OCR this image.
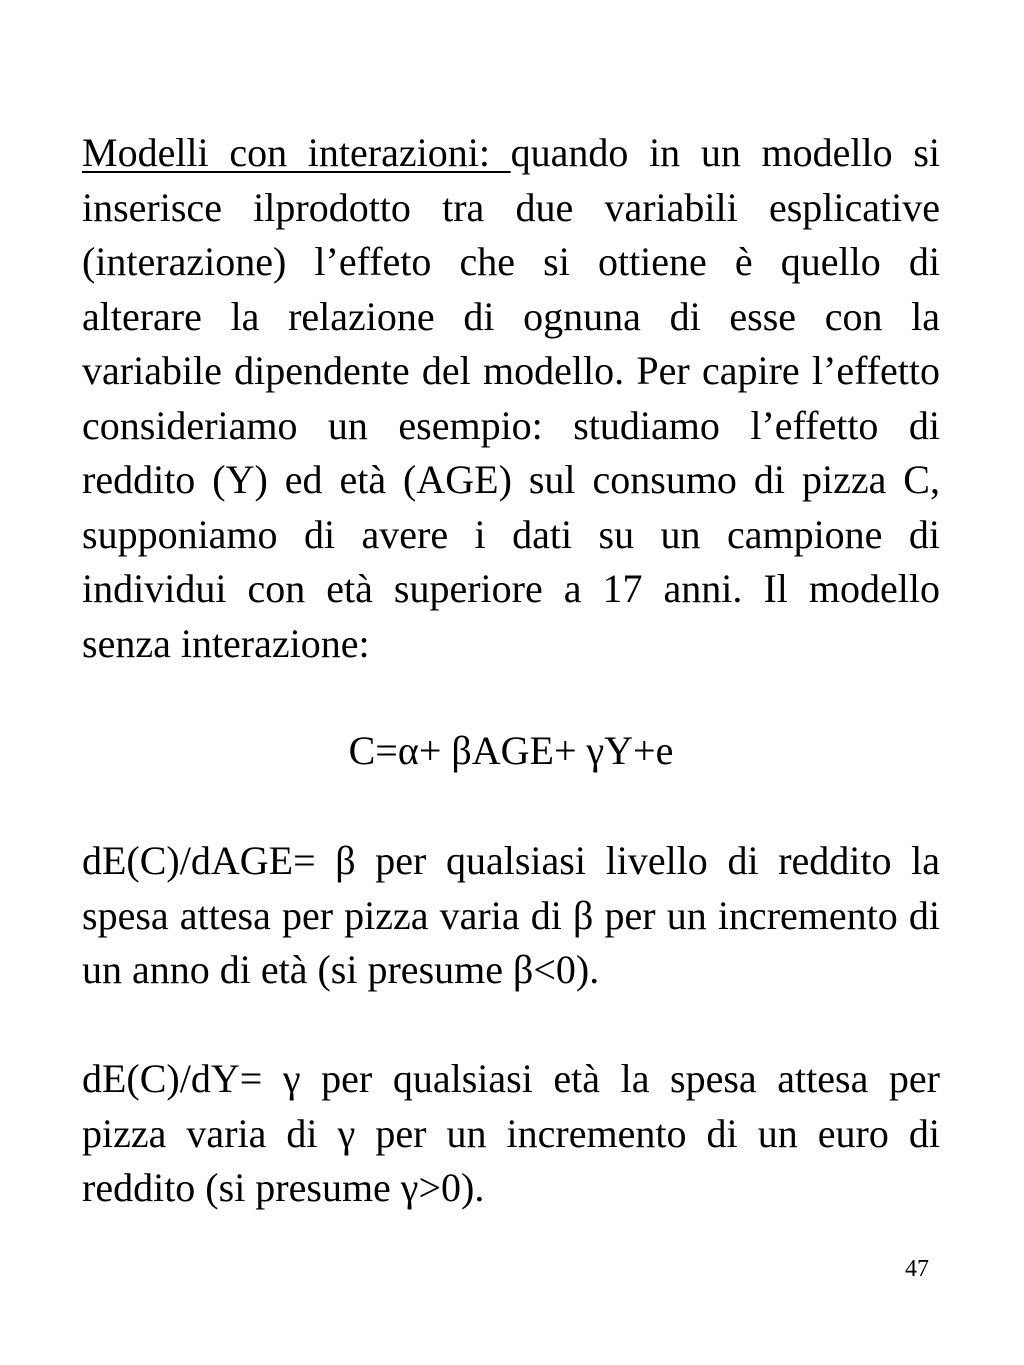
Modelli con interazioni: quando in un modello si inserisce ilprodotto tra due variabili esplicative (interazione) l’effeto che si ottiene è quello di alterare la relazione di ognuna di esse con la variabile dipendente del modello. Per capire l’effetto consideriamo un esempio: studiamo l’effetto di reddito (Y) ed età (AGE) sul consumo di pizza C, supponiamo di avere i dati su un campione di individui con età superiore a 17 anni. Il modello senza interazione:
C=α+ βAGE+ γY+e
dE(C)/dAGE= β per qualsiasi livello di reddito la spesa attesa per pizza varia di β per un incremento di un anno di età (si presume β<0).
dE(C)/dY= γ per qualsiasi età la spesa attesa per pizza varia di γ per un incremento di un euro di reddito (si presume γ>0).
47
